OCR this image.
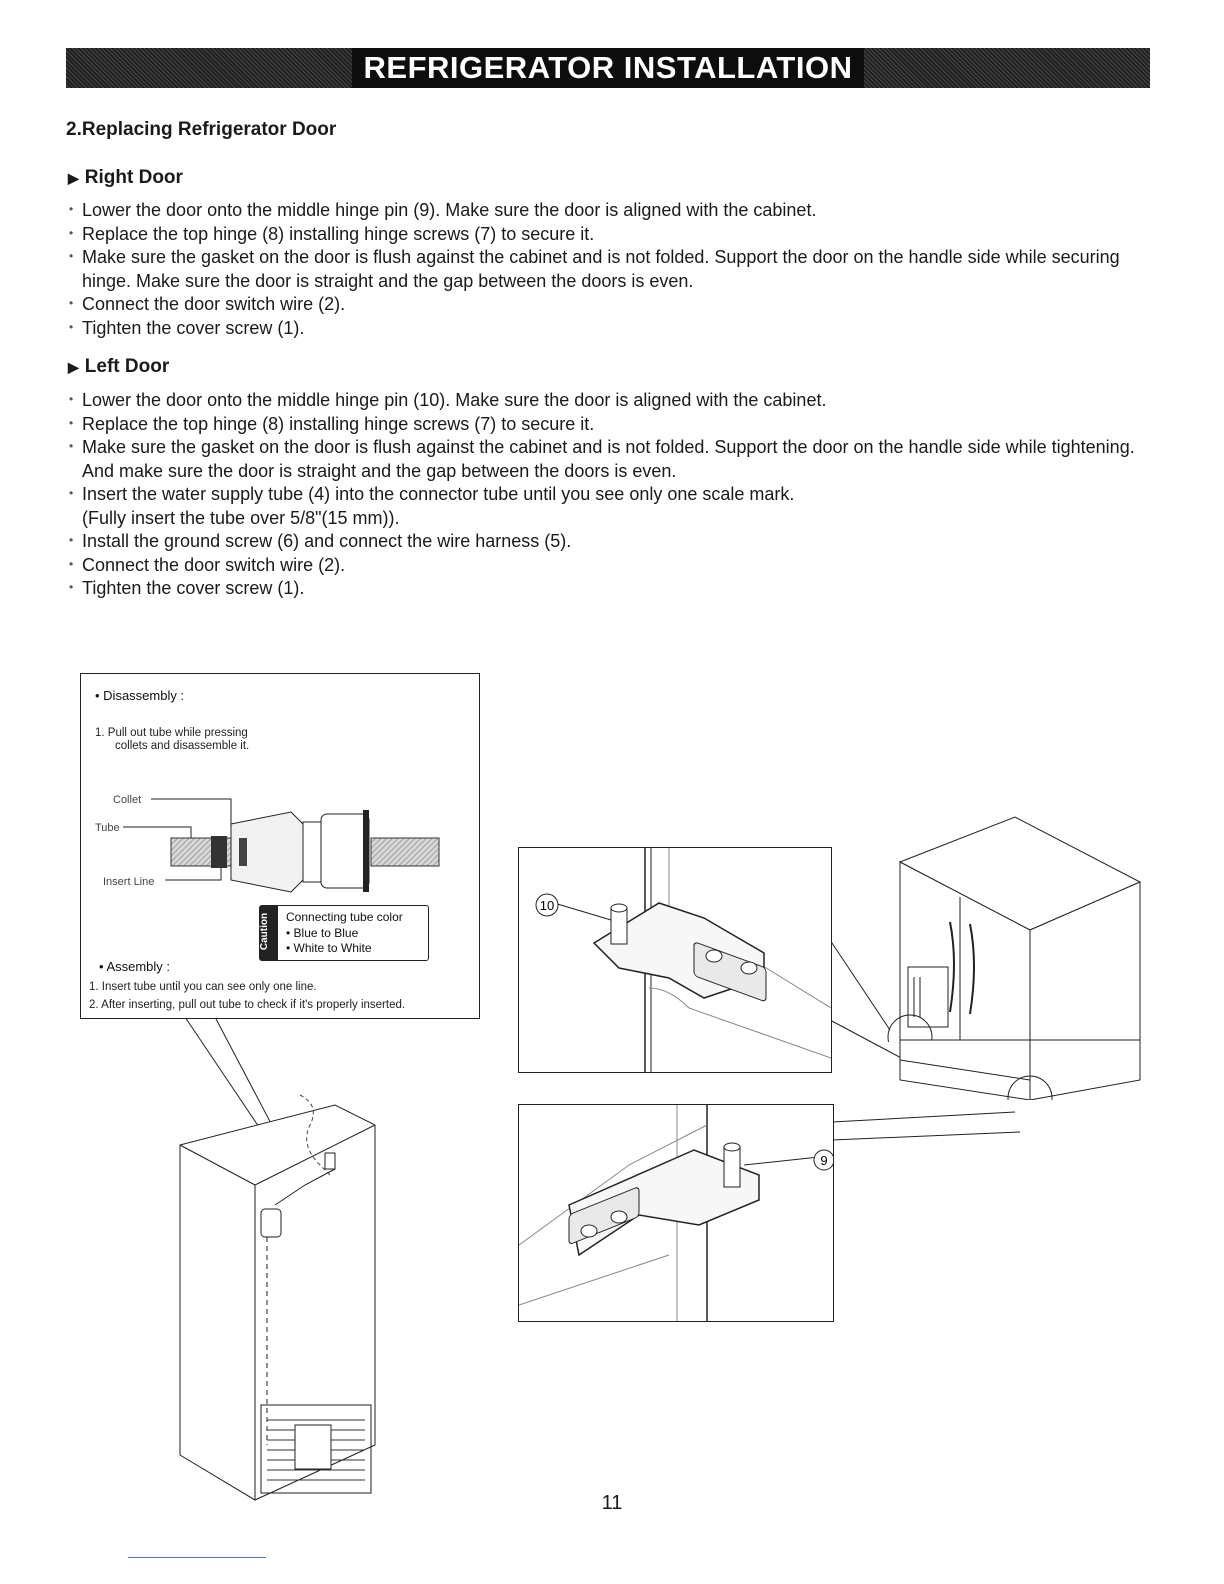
REFRIGERATOR INSTALLATION
2.Replacing Refrigerator Door
▶ Right Door
• Lower the door onto the middle hinge pin (9). Make sure the door is aligned with the cabinet.
• Replace the top hinge (8) installing hinge screws (7) to secure it.
• Make sure the gasket on the door is flush against the cabinet and is not folded. Support the door on the handle side while securing hinge. Make sure the door is straight and the gap between the doors is even.
• Connect the door switch wire (2).
• Tighten the cover screw (1).
▶ Left Door
• Lower the door onto the middle hinge pin (10). Make sure the door is aligned with the cabinet.
• Replace the top hinge (8) installing hinge screws (7) to secure it.
• Make sure the gasket on the door is flush against the cabinet and is not folded. Support the door on the handle side while tightening. And make sure the door is straight and the gap between the doors is even.
• Insert the water supply tube (4) into the connector tube until you see only one scale mark.
(Fully insert the tube over 5/8"(15 mm)).
• Install the ground screw (6) and connect the wire harness (5).
• Connect the door switch wire (2).
• Tighten the cover screw (1).
• Disassembly :
1. Pull out tube while pressing
collets and disassemble it.
Collet
Tube
Insert Line
Caution Connecting tube color
• Blue to Blue
• White to White
• Assembly :
1. Insert tube until you can see only one line.
2. After inserting, pull out tube to check if it's properly inserted.
10
9
11
